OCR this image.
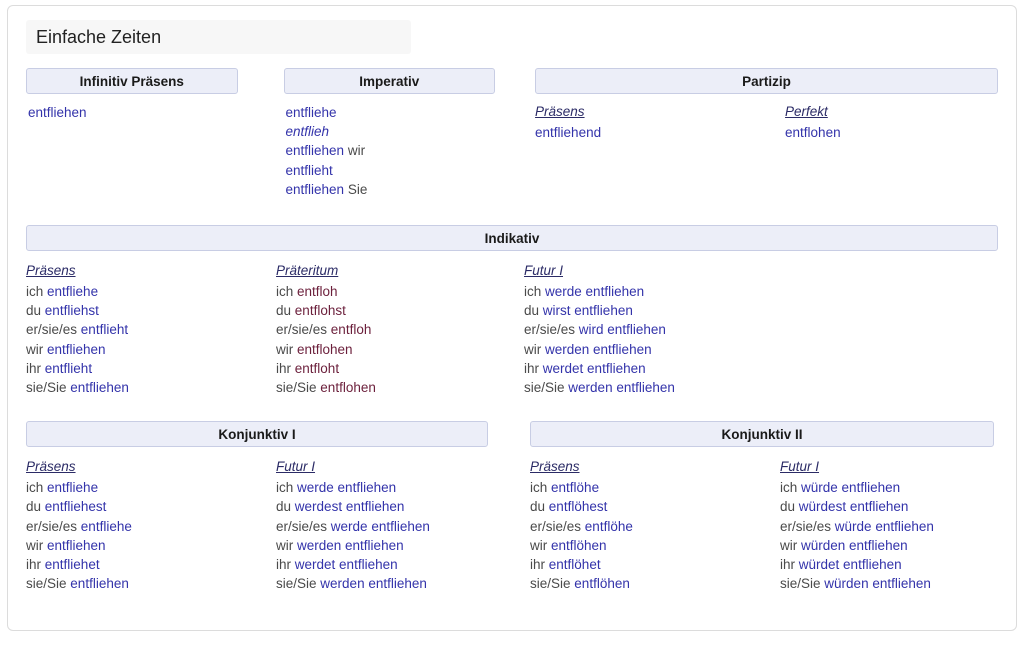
Einfache Zeiten
Infinitiv Präsens
entfliehen
Imperativ
entfliehe
entflieh
entfliehen wir
entflieht
entfliehen Sie
Partizip
Präsens
entfliehend
Perfekt
entflohen
Indikativ
Präsens
ich entfliehe
du entfliehst
er/sie/es entflieht
wir entfliehen
ihr entflieht
sie/Sie entfliehen
Präteritum
ich entfloh
du entflohst
er/sie/es entfloh
wir entflohen
ihr entfloht
sie/Sie entflohen
Futur I
ich werde entfliehen
du wirst entfliehen
er/sie/es wird entfliehen
wir werden entfliehen
ihr werdet entfliehen
sie/Sie werden entfliehen
Konjunktiv I
Präsens
ich entfliehe
du entfliehest
er/sie/es entfliehe
wir entfliehen
ihr entfliehet
sie/Sie entfliehen
Futur I
ich werde entfliehen
du werdest entfliehen
er/sie/es werde entfliehen
wir werden entfliehen
ihr werdet entfliehen
sie/Sie werden entfliehen
Konjunktiv II
Präsens
ich entflöhe
du entflöhest
er/sie/es entflöhe
wir entflöhen
ihr entflöhet
sie/Sie entflöhen
Futur I
ich würde entfliehen
du würdest entfliehen
er/sie/es würde entfliehen
wir würden entfliehen
ihr würdet entfliehen
sie/Sie würden entfliehen
